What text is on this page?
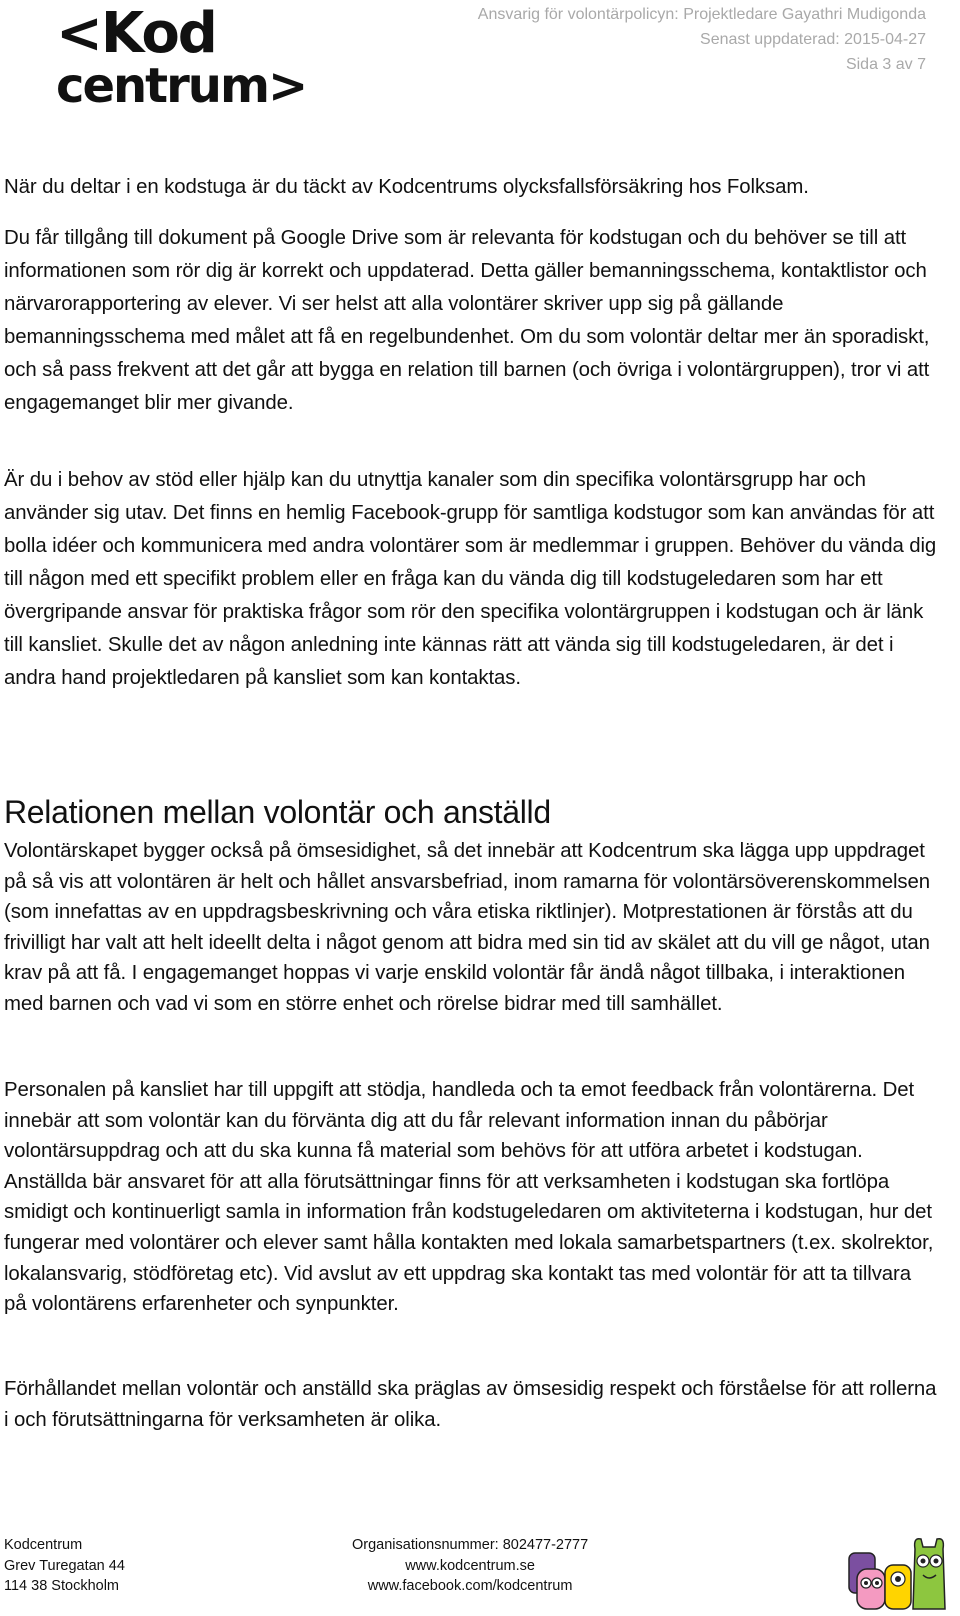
<Kod
centrum>
Ansvarig för volontärpolicyn: Projektledare Gayathri Mudigonda
Senast uppdaterad: 2015-04-27
Sida 3 av 7

När du deltar i en kodstuga är du täckt av Kodcentrums olycksfallsförsäkring hos Folksam.

Du får tillgång till dokument på Google Drive som är relevanta för kodstugan och du behöver se till att informationen som rör dig är korrekt och uppdaterad. Detta gäller bemanningsschema, kontaktlistor och närvarorapportering av elever. Vi ser helst att alla volontärer skriver upp sig på gällande bemanningsschema med målet att få en regelbundenhet. Om du som volontär deltar mer än sporadiskt, och så pass frekvent att det går att bygga en relation till barnen (och övriga i volontärgruppen), tror vi att engagemanget blir mer givande.

Är du i behov av stöd eller hjälp kan du utnyttja kanaler som din specifika volontärsgrupp har och använder sig utav. Det finns en hemlig Facebook-grupp för samtliga kodstugor som kan användas för att bolla idéer och kommunicera med andra volontärer som är medlemmar i gruppen. Behöver du vända dig till någon med ett specifikt problem eller en fråga kan du vända dig till kodstugeledaren som har ett övergripande ansvar för praktiska frågor som rör den specifika volontärgruppen i kodstugan och är länk till kansliet. Skulle det av någon anledning inte kännas rätt att vända sig till kodstugeledaren, är det i andra hand projektledaren på kansliet som kan kontaktas.

Relationen mellan volontär och anställd

Volontärskapet bygger också på ömsesidighet, så det innebär att Kodcentrum ska lägga upp uppdraget på så vis att volontären är helt och hållet ansvarsbefriad, inom ramarna för volontärsöverenskommelsen (som innefattas av en uppdragsbeskrivning och våra etiska riktlinjer). Motprestationen är förstås att du frivilligt har valt att helt ideellt delta i något genom att bidra med sin tid av skälet att du vill ge något, utan krav på att få. I engagemanget hoppas vi varje enskild volontär får ändå något tillbaka, i interaktionen med barnen och vad vi som en större enhet och rörelse bidrar med till samhället.

Personalen på kansliet har till uppgift att stödja, handleda och ta emot feedback från volontärerna. Det innebär att som volontär kan du förvänta dig att du får relevant information innan du påbörjar volontärsuppdrag och att du ska kunna få material som behövs för att utföra arbetet i kodstugan. Anställda bär ansvaret för att alla förutsättningar finns för att verksamheten i kodstugan ska fortlöpa smidigt och kontinuerligt samla in information från kodstugeledaren om aktiviteterna i kodstugan, hur det fungerar med volontärer och elever samt hålla kontakten med lokala samarbetspartners (t.ex. skolrektor, lokalansvarig, stödföretag etc). Vid avslut av ett uppdrag ska kontakt tas med volontär för att ta tillvara på volontärens erfarenheter och synpunkter.

Förhållandet mellan volontär och anställd ska präglas av ömsesidig respekt och förståelse för att rollerna i och förutsättningarna för verksamheten är olika.

Kodcentrum
Grev Turegatan 44
114 38 Stockholm
Organisationsnummer: 802477-2777
www.kodcentrum.se
www.facebook.com/kodcentrum
